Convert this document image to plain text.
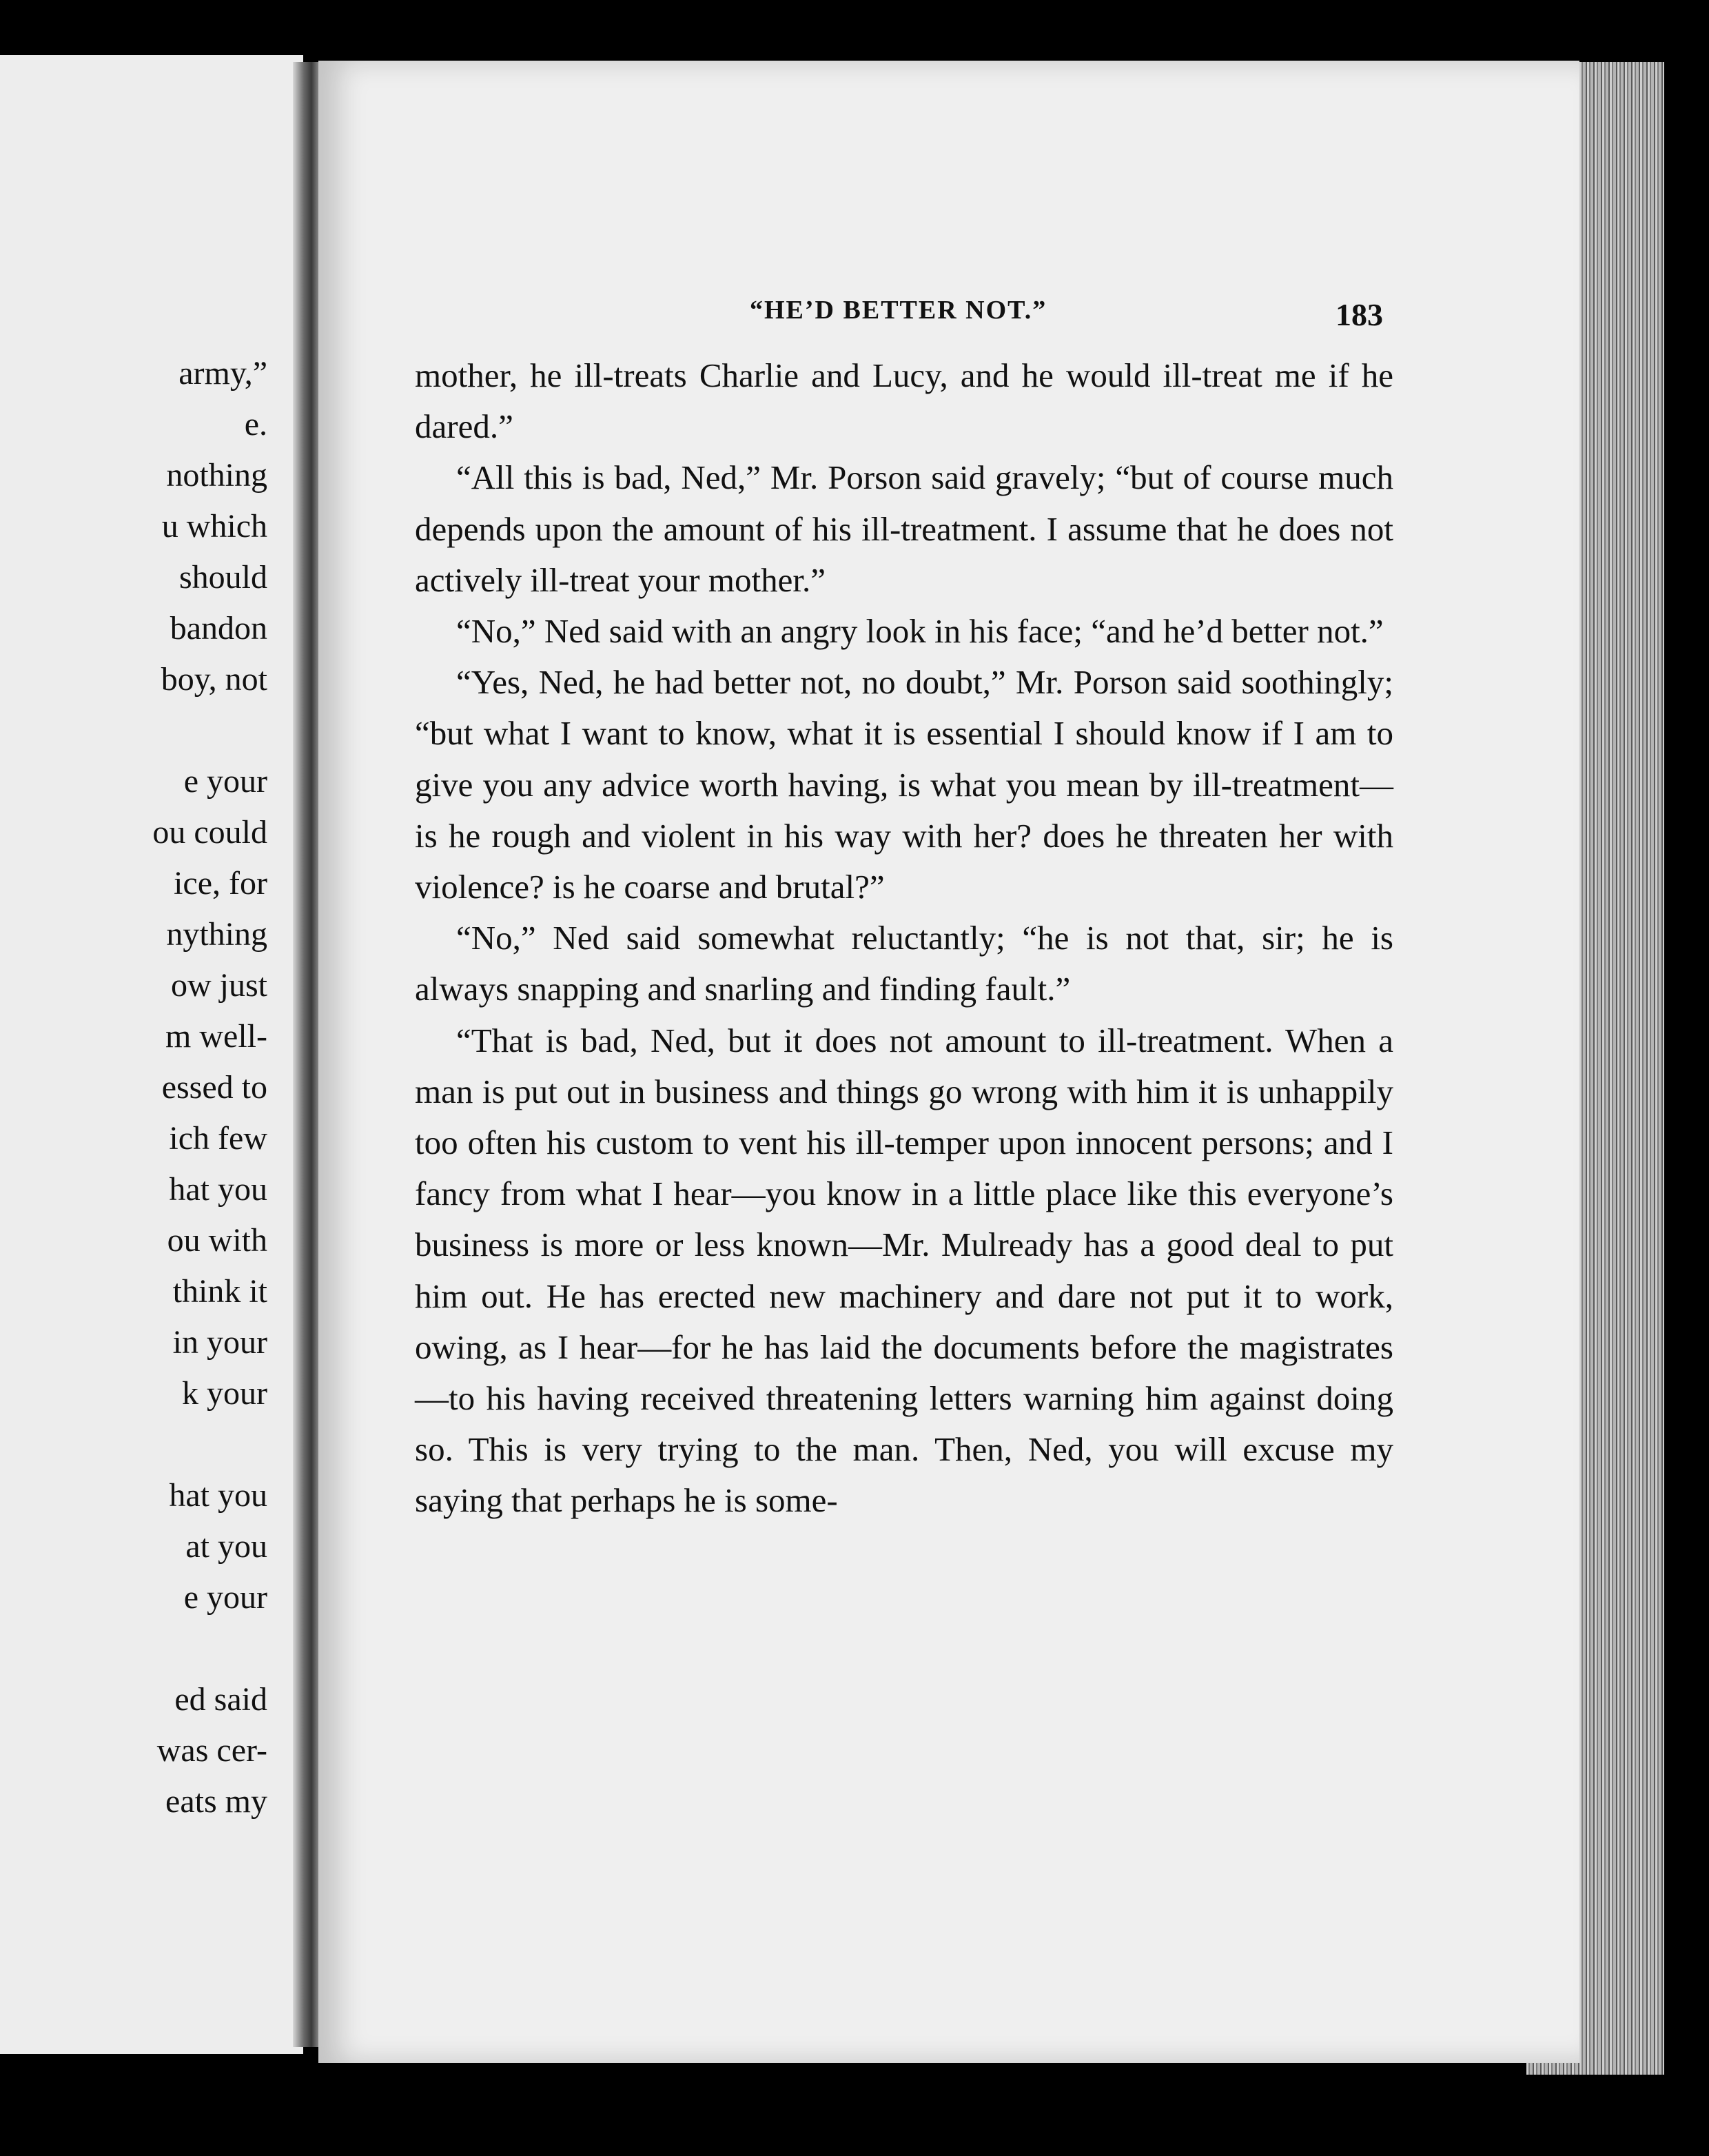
army,”
e.
nothing
u which
should
bandon
boy, not
e your
ou could
ice, for
nything
ow just
m well-
essed to
ich few
hat you
ou with
think it
in your
k your
hat you
at you
e your
ed said
was cer-
eats my
“HE’D BETTER NOT.”	183

mother, he ill-treats Charlie and Lucy, and he would ill-treat me if he dared.”

“All this is bad, Ned,” Mr. Porson said gravely; “but of course much depends upon the amount of his ill-treatment. I assume that he does not actively ill-treat your mother.”

“No,” Ned said with an angry look in his face; “and he’d better not.”

“Yes, Ned, he had better not, no doubt,” Mr. Porson said soothingly; “but what I want to know, what it is essential I should know if I am to give you any advice worth having, is what you mean by ill-treatment—is he rough and violent in his way with her? does he threaten her with violence? is he coarse and brutal?”

“No,” Ned said somewhat reluctantly; “he is not that, sir; he is always snapping and snarling and finding fault.”

“That is bad, Ned, but it does not amount to ill-treatment. When a man is put out in business and things go wrong with him it is unhappily too often his custom to vent his ill-temper upon innocent persons; and I fancy from what I hear—you know in a little place like this everyone’s business is more or less known—Mr. Mulready has a good deal to put him out. He has erected new machinery and dare not put it to work, owing, as I hear—for he has laid the documents before the magistrates—to his having received threatening letters warning him against doing so. This is very trying to the man. Then, Ned, you will excuse my saying that perhaps he is some-
